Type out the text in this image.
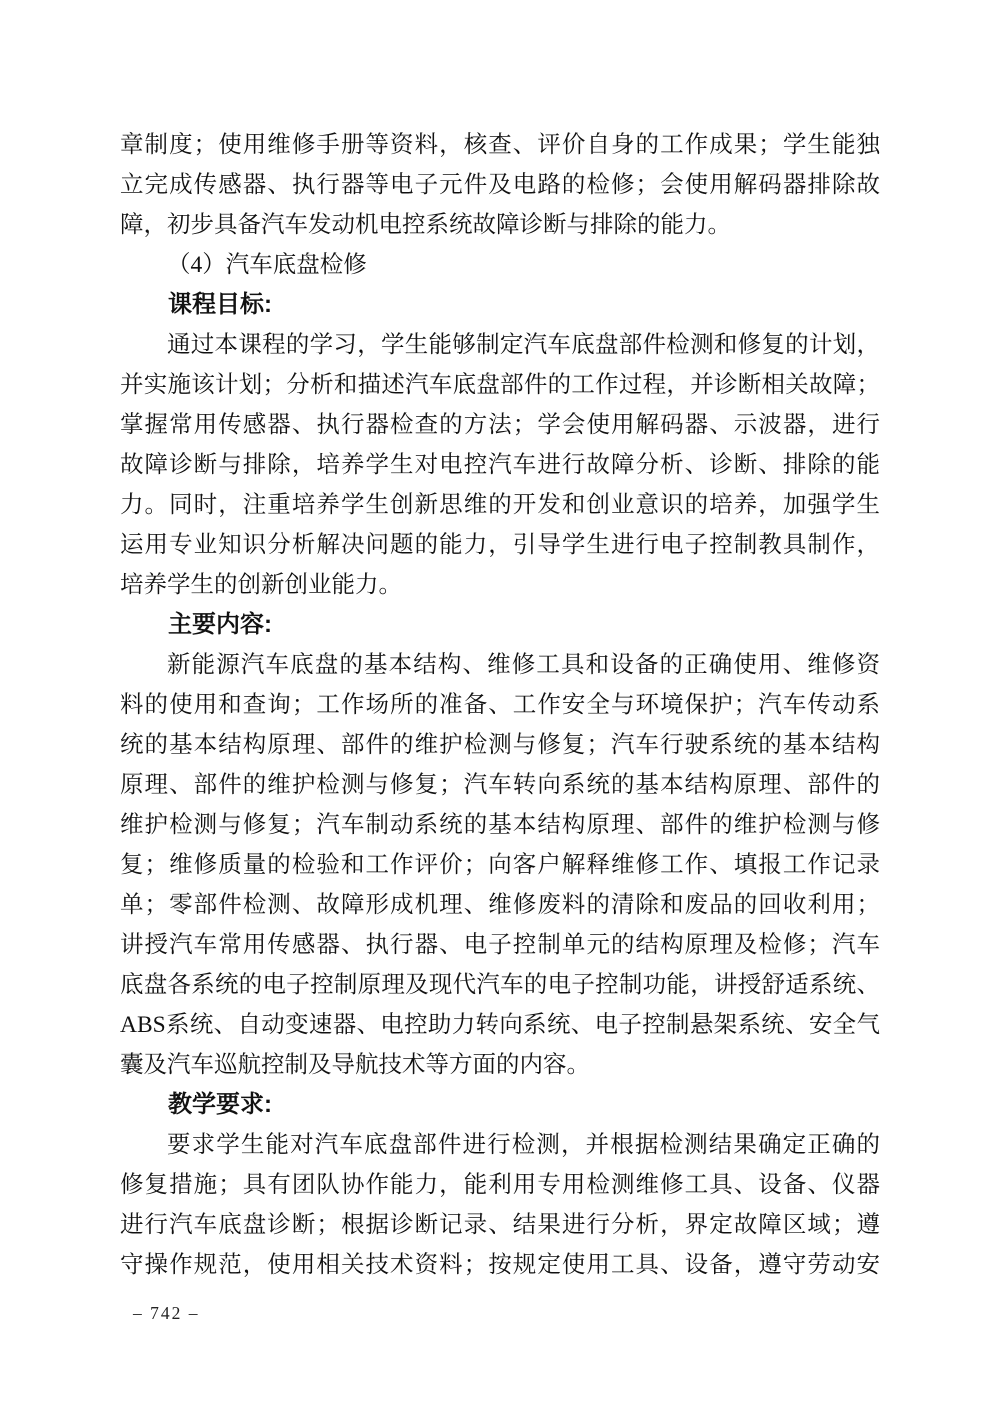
章制度；使用维修手册等资料，核查、评价自身的工作成果；学生能独
立完成传感器、执行器等电子元件及电路的检修；会使用解码器排除故
障，初步具备汽车发动机电控系统故障诊断与排除的能力。
（4）汽车底盘检修
课程目标:
通过本课程的学习，学生能够制定汽车底盘部件检测和修复的计划，
并实施该计划；分析和描述汽车底盘部件的工作过程，并诊断相关故障；
掌握常用传感器、执行器检查的方法；学会使用解码器、示波器，进行
故障诊断与排除，培养学生对电控汽车进行故障分析、诊断、排除的能
力。同时，注重培养学生创新思维的开发和创业意识的培养，加强学生
运用专业知识分析解决问题的能力，引导学生进行电子控制教具制作，
培养学生的创新创业能力。
主要内容:
新能源汽车底盘的基本结构、维修工具和设备的正确使用、维修资
料的使用和查询；工作场所的准备、工作安全与环境保护；汽车传动系
统的基本结构原理、部件的维护检测与修复；汽车行驶系统的基本结构
原理、部件的维护检测与修复；汽车转向系统的基本结构原理、部件的
维护检测与修复；汽车制动系统的基本结构原理、部件的维护检测与修
复；维修质量的检验和工作评价；向客户解释维修工作、填报工作记录
单；零部件检测、故障形成机理、维修废料的清除和废品的回收利用；
讲授汽车常用传感器、执行器、电子控制单元的结构原理及检修；汽车
底盘各系统的电子控制原理及现代汽车的电子控制功能，讲授舒适系统、
ABS系统、自动变速器、电控助力转向系统、电子控制悬架系统、安全气
囊及汽车巡航控制及导航技术等方面的内容。
教学要求:
要求学生能对汽车底盘部件进行检测，并根据检测结果确定正确的
修复措施；具有团队协作能力，能利用专用检测维修工具、设备、仪器
进行汽车底盘诊断；根据诊断记录、结果进行分析，界定故障区域；遵
守操作规范，使用相关技术资料；按规定使用工具、设备，遵守劳动安
– 742 –
